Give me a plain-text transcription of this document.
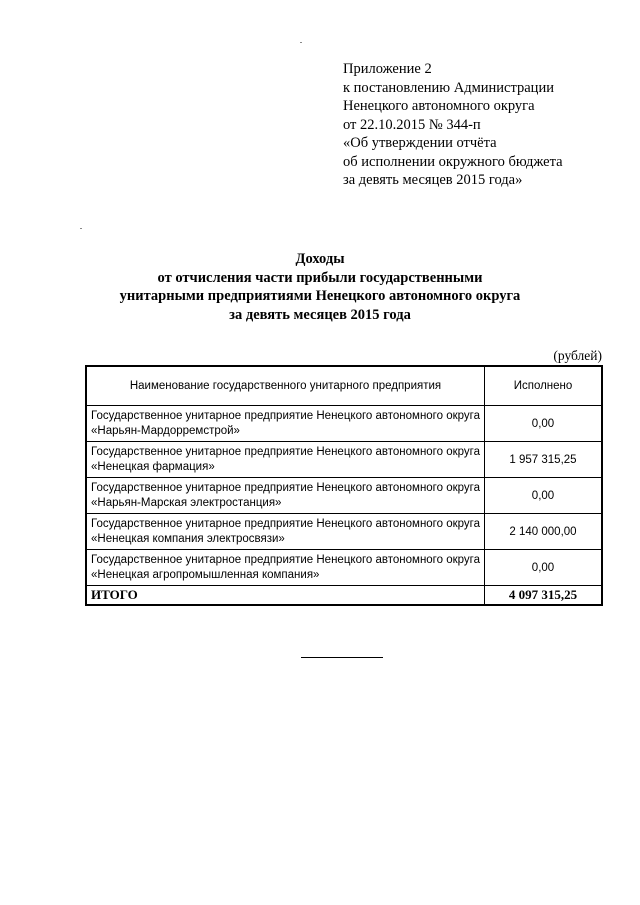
Приложение 2
к постановлению Администрации
Ненецкого автономного округа
от 22.10.2015 № 344-п
«Об утверждении отчёта
об исполнении окружного бюджета
за девять месяцев 2015 года»
Доходы
от отчисления части прибыли государственными
унитарными предприятиями Ненецкого автономного округа
за девять месяцев 2015 года
(рублей)
Наименование государственного унитарного предприятия	Исполнено
Государственное унитарное предприятие Ненецкого автономного округа «Нарьян-Мардорремстрой»	0,00
Государственное унитарное предприятие Ненецкого автономного округа «Ненецкая фармация»	1 957 315,25
Государственное унитарное предприятие Ненецкого автономного округа «Нарьян-Марская электростанция»	0,00
Государственное унитарное предприятие Ненецкого автономного округа «Ненецкая компания электросвязи»	2 140 000,00
Государственное унитарное предприятие Ненецкого автономного округа «Ненецкая агропромышленная компания»	0,00
ИТОГО	4 097 315,25
